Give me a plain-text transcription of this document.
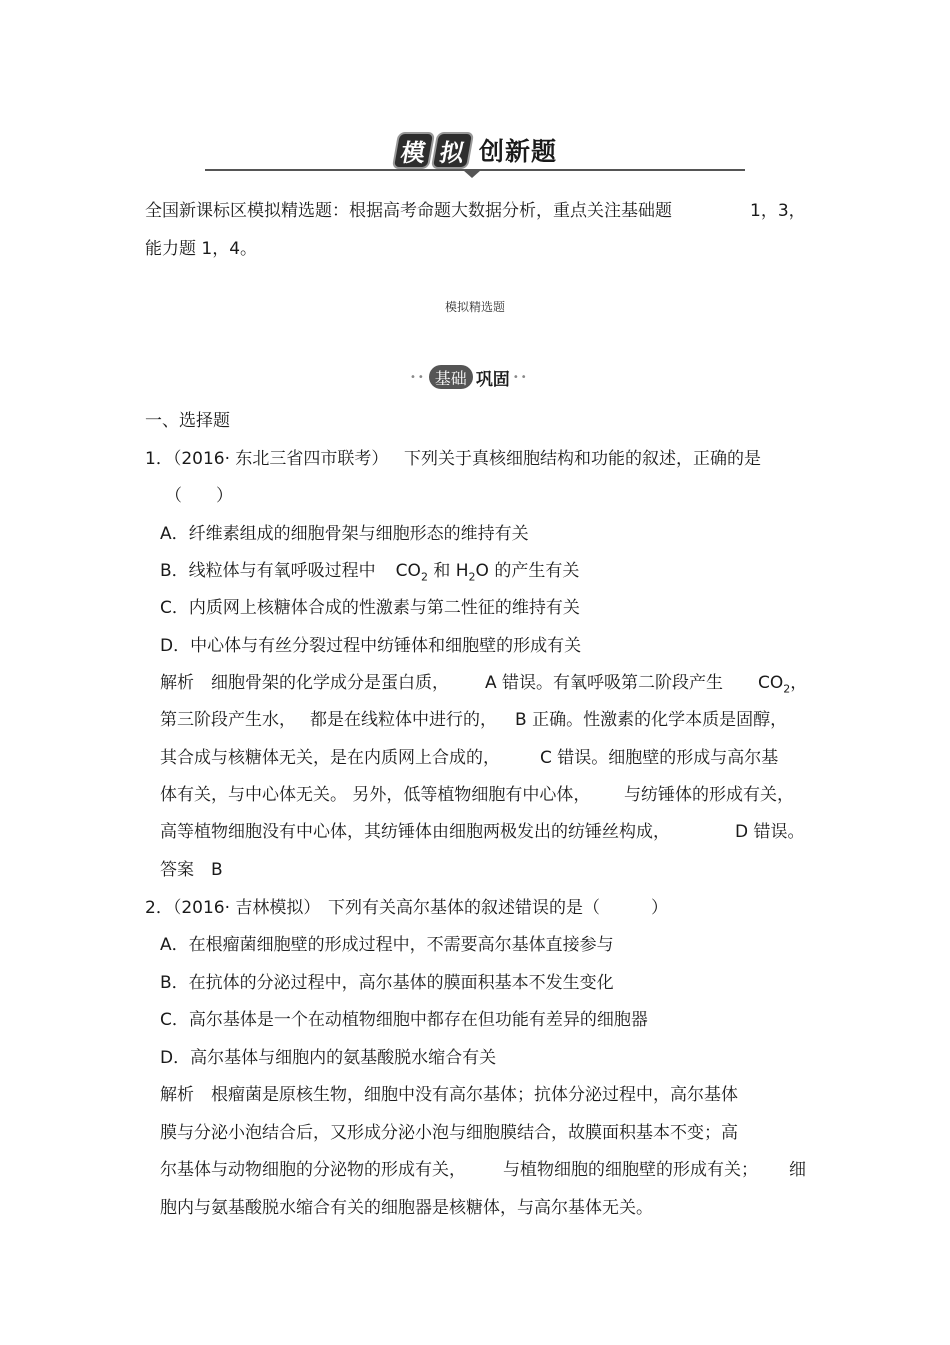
模 拟 创新题
全国新课标区模拟精选题：根据高考命题大数据分析，重点关注基础题	1，3，
能力题 1，4。
模拟精选题
•• 基础 巩固 ••
一、选择题
1．（2016· 东北三省四市联考） 下列关于真核细胞结构和功能的叙述，正确的是
（　　）
A．纤维素组成的细胞骨架与细胞形态的维持有关
B．线粒体与有氧呼吸过程中 $CO_2$ 和 $H_2O$ 的产生有关
C．内质网上核糖体合成的性激素与第二性征的维持有关
D．中心体与有丝分裂过程中纺锤体和细胞壁的形成有关
解析　细胞骨架的化学成分是蛋白质， A 错误。有氧呼吸第二阶段产生 $CO_2$，
第三阶段产生水， 都是在线粒体中进行的， B 正确。性激素的化学本质是固醇，
其合成与核糖体无关，是在内质网上合成的， C 错误。细胞壁的形成与高尔基
体有关，与中心体无关。 另外，低等植物细胞有中心体， 与纺锤体的形成有关，
高等植物细胞没有中心体，其纺锤体由细胞两极发出的纺锤丝构成，	D 错误。
答案　B
2．（2016· 吉林模拟） 下列有关高尔基体的叙述错误的是（　　　）
A．在根瘤菌细胞壁的形成过程中，不需要高尔基体直接参与
B．在抗体的分泌过程中，高尔基体的膜面积基本不发生变化
C．高尔基体是一个在动植物细胞中都存在但功能有差异的细胞器
D．高尔基体与细胞内的氨基酸脱水缩合有关
解析　根瘤菌是原核生物，细胞中没有高尔基体；抗体分泌过程中，高尔基体
膜与分泌小泡结合后，又形成分泌小泡与细胞膜结合，故膜面积基本不变；高
尔基体与动物细胞的分泌物的形成有关， 与植物细胞的细胞壁的形成有关； 细
胞内与氨基酸脱水缩合有关的细胞器是核糖体，与高尔基体无关。
